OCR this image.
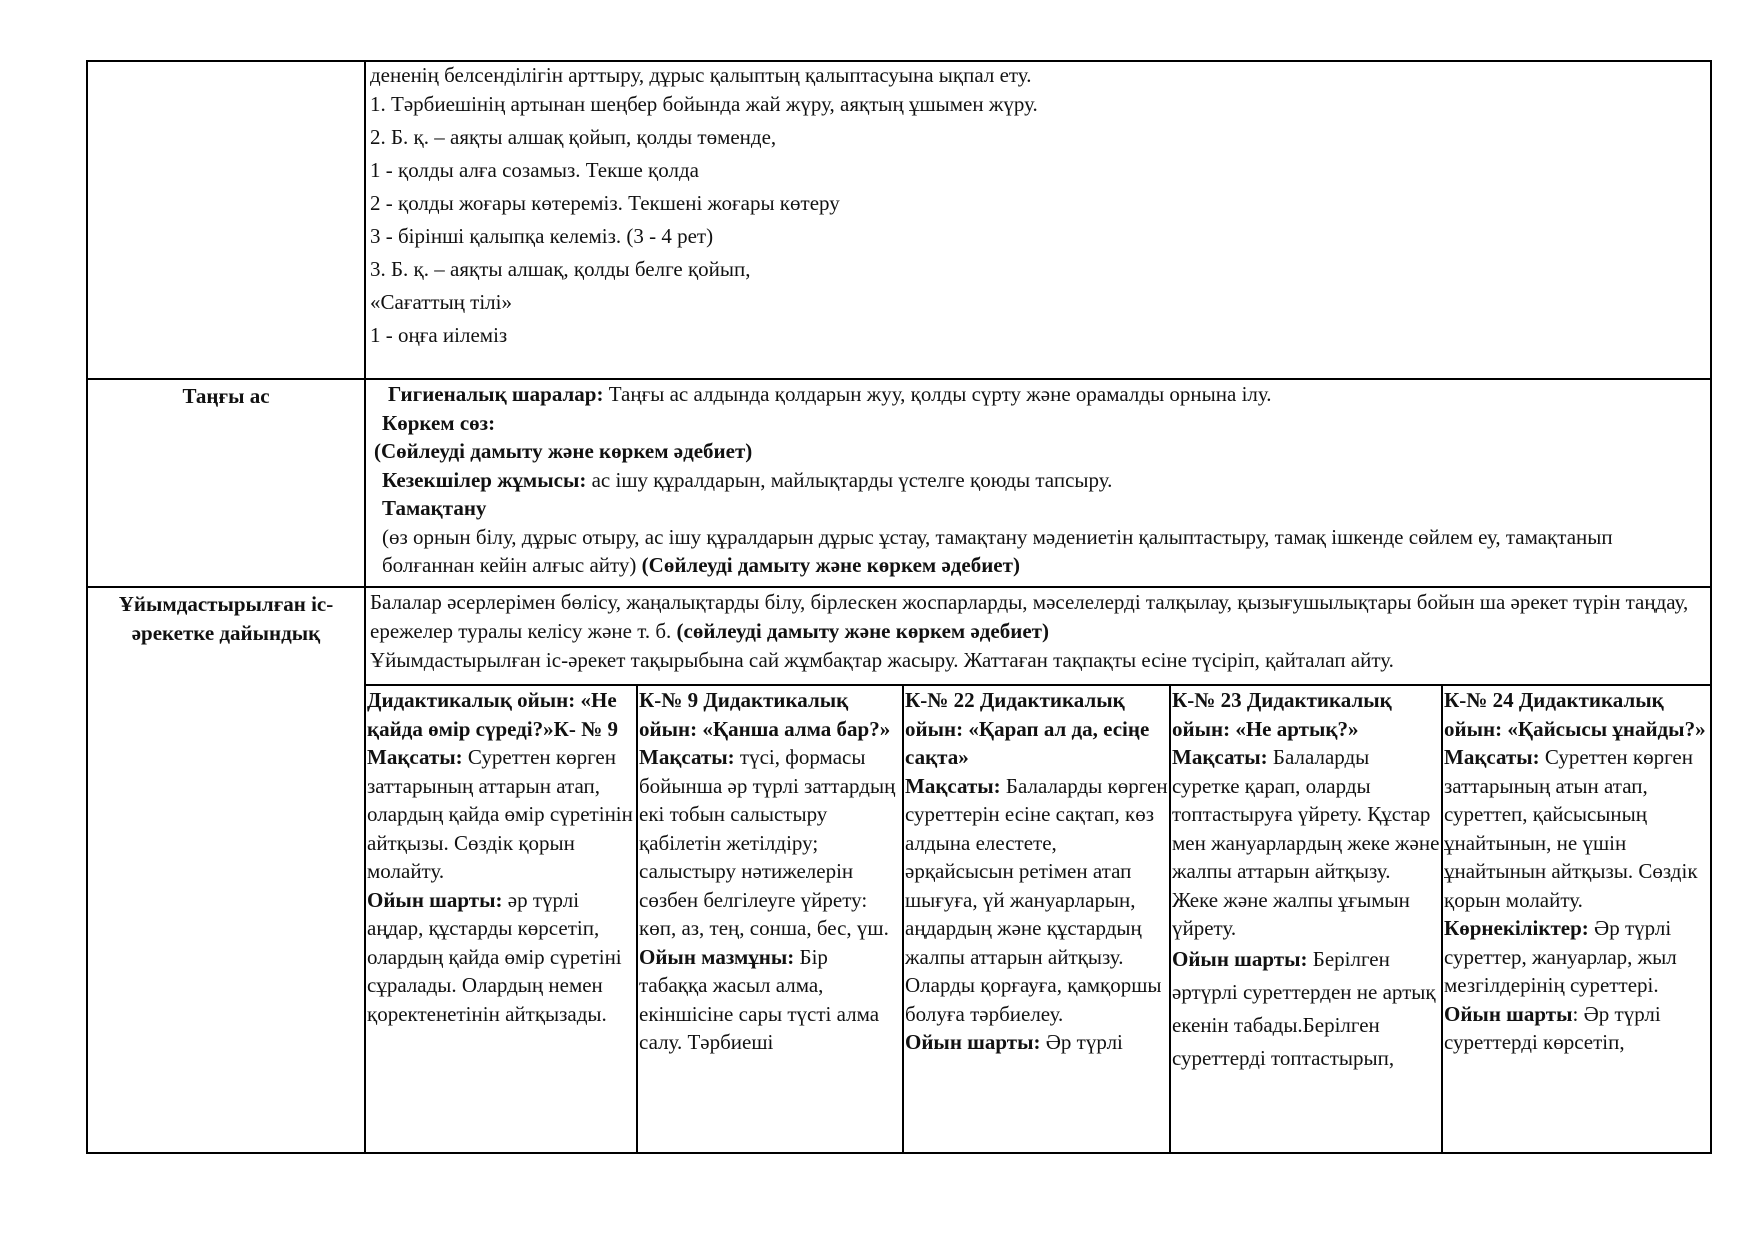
дененің белсенділігін арттыру, дұрыс қалыптың қалыптасуына ықпал ету.
1. Тәрбиешінің артынан шеңбер бойында жай жүру, аяқтың ұшымен жүру.
2. Б. қ. – аяқты алшақ қойып, қолды төменде,
1 - қолды алға созамыз. Текше қолда
2 - қолды жоғары көтереміз. Текшені жоғары көтеру
3 - бірінші қалыпқа келеміз. (3 - 4 рет)
3. Б. қ. – аяқты алшақ, қолды белге қойып,
«Сағаттың тілі»
1 - оңға иілеміз
Таңғы ас	Гигиеналық шаралар: Таңғы ас алдында қолдарын жуу, қолды сүрту және орамалды орнына ілу.
Көркем сөз:
(Сөйлеуді дамыту және көркем әдебиет)
Кезекшілер жұмысы: ас ішу құралдарын, майлықтарды үстелге қоюды тапсыру.
Тамақтану
(өз орнын білу, дұрыс отыру, ас ішу құралдарын дұрыс ұстау, тамақтану мәдениетін қалыптастыру, тамақ ішкенде сөйлем еу, тамақтанып болғаннан кейін алғыс айту) (Сөйлеуді дамыту және көркем әдебиет)
Ұйымдастырылған іс-әрекетке дайындық
Балалар әсерлерімен бөлісу, жаңалықтарды білу, бірлескен жоспарларды, мәселелерді талқылау, қызығушылықтары бойын ша әрекет түрін таңдау, ережелер туралы келісу және т. б. (сөйлеуді дамыту және көркем әдебиет)
Ұйымдастырылған іс-әрекет тақырыбына сай жұмбақтар жасыру. Жаттаған тақпақты есіне түсіріп, қайталап айту.
Дидактикалық ойын: «Не қайда өмір сүреді?»К- № 9
Мақсаты: Суреттен көрген заттарының аттарын атап, олардың қайда өмір сүретінін айтқызы. Сөздік қорын молайту.
Ойын шарты: әр түрлі аңдар, құстарды көрсетіп, олардың қайда өмір сүретіні сұралады. Олардың немен қоректенетінін айтқызады.
К-№ 9 Дидактикалық ойын: «Қанша алма бар?»
Мақсаты: түсі, формасы бойынша әр түрлі заттардың екі тобын салыстыру қабілетін жетілдіру; салыстыру нәтижелерін сөзбен белгілеуге үйрету: көп, аз, тең, сонша, бес, үш.
Ойын мазмұны: Бір табаққа жасыл алма, екіншісіне сары түсті алма салу. Тәрбиеші
К-№ 22 Дидактикалық ойын: «Қарап ал да, есіңе сақта»
Мақсаты: Балаларды көрген суреттерін есіне сақтап, көз алдына елестете, әрқайсысын ретімен атап шығуға, үй жануарларын, аңдардың және құстардың жалпы аттарын айтқызу. Оларды қорғауға, қамқоршы болуға тәрбиелеу.
Ойын шарты: Әр түрлі
К-№ 23 Дидактикалық ойын: «Не артық?»
Мақсаты: Балаларды суретке қарап, оларды топтастыруға үйрету. Құстар мен жануарлардың жеке және жалпы аттарын айтқызу. Жеке және жалпы ұғымын үйрету.
Ойын шарты: Берілген әртүрлі суреттерден не артық екенін табады.Берілген суреттерді топтастырып,
К-№ 24 Дидактикалық ойын: «Қайсысы ұнайды?»
Мақсаты: Суреттен көрген заттарының атын атап, суреттеп, қайсысының ұнайтынын, не үшін ұнайтынын айтқызы. Сөздік қорын молайту.
Көрнекіліктер: Әр түрлі суреттер, жануарлар, жыл мезгілдерінің суреттері.
Ойын шарты: Әр түрлі суреттерді көрсетіп,
